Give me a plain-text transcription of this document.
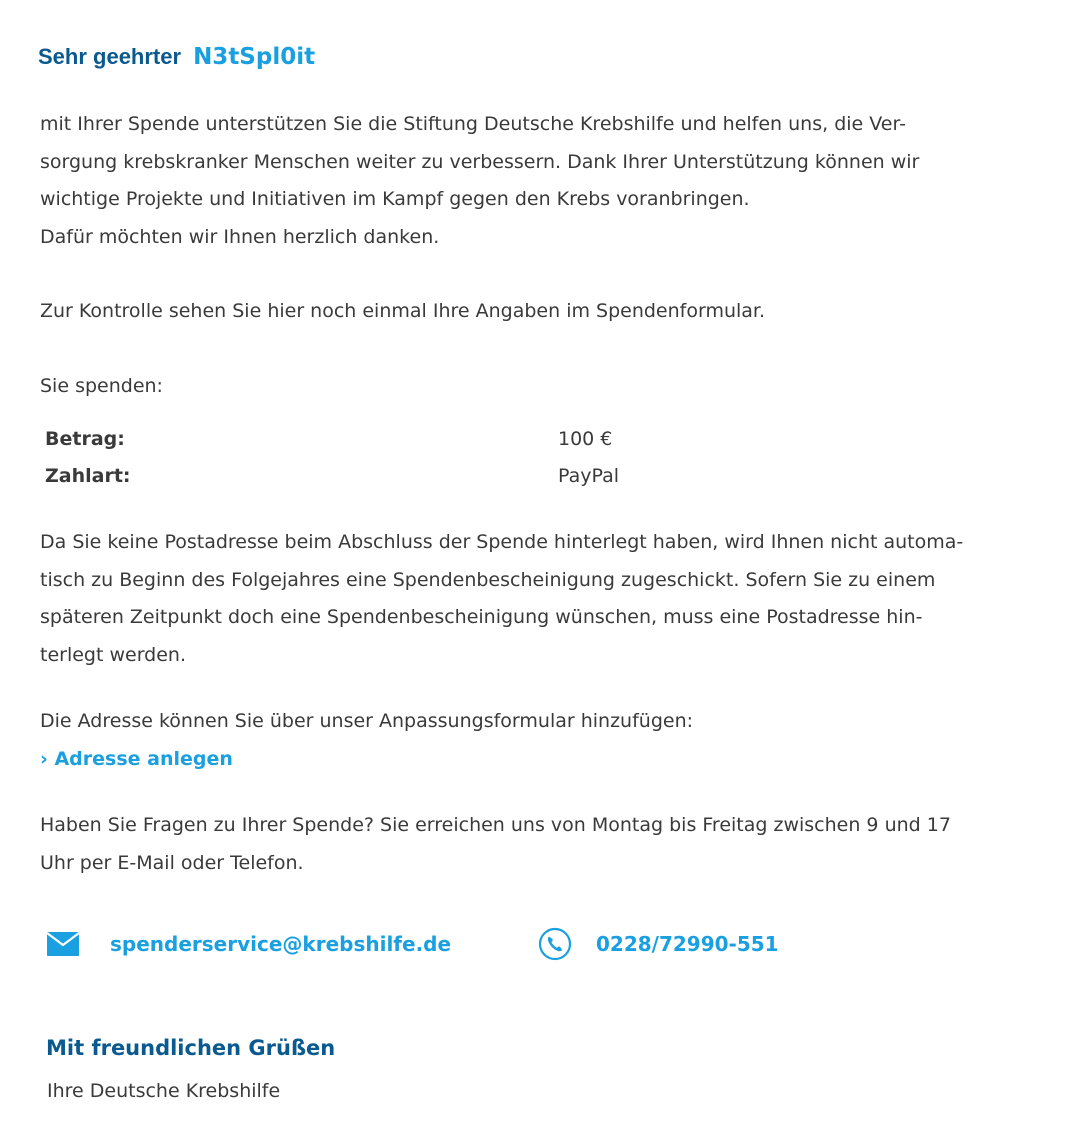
Sehr geehrter N3tSpl0it
mit Ihrer Spende unterstützen Sie die Stiftung Deutsche Krebshilfe und helfen uns, die Ver-
sorgung krebskranker Menschen weiter zu verbessern. Dank Ihrer Unterstützung können wir
wichtige Projekte und Initiativen im Kampf gegen den Krebs voranbringen.
Dafür möchten wir Ihnen herzlich danken.
Zur Kontrolle sehen Sie hier noch einmal Ihre Angaben im Spendenformular.
Sie spenden:
Betrag:	100 €
Zahlart:	PayPal
Da Sie keine Postadresse beim Abschluss der Spende hinterlegt haben, wird Ihnen nicht automa-
tisch zu Beginn des Folgejahres eine Spendenbescheinigung zugeschickt. Sofern Sie zu einem
späteren Zeitpunkt doch eine Spendenbescheinigung wünschen, muss eine Postadresse hin-
terlegt werden.
Die Adresse können Sie über unser Anpassungsformular hinzufügen:
› Adresse anlegen
Haben Sie Fragen zu Ihrer Spende? Sie erreichen uns von Montag bis Freitag zwischen 9 und 17
Uhr per E-Mail oder Telefon.
spenderservice@krebshilfe.de	0228/72990-551
Mit freundlichen Grüßen
Ihre Deutsche Krebshilfe
